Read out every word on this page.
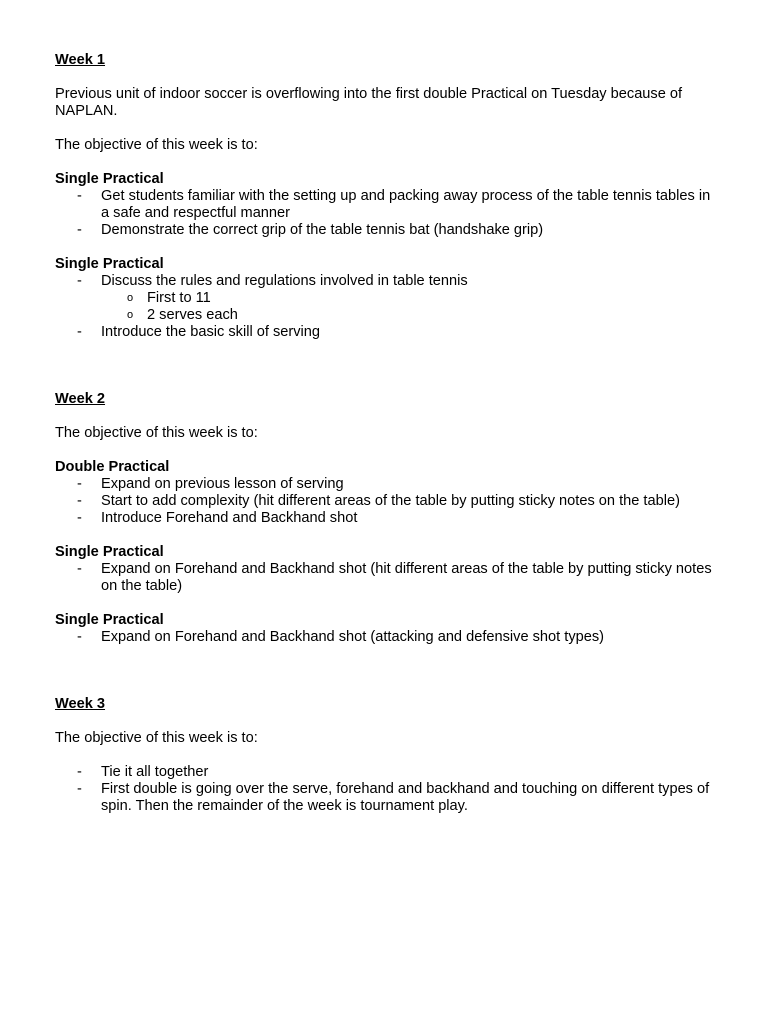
Week 1
Previous unit of indoor soccer is overflowing into the first double Practical on Tuesday because of NAPLAN.
The objective of this week is to:
Single Practical
- Get students familiar with the setting up and packing away process of the table tennis tables in a safe and respectful manner
- Demonstrate the correct grip of the table tennis bat (handshake grip)
Single Practical
- Discuss the rules and regulations involved in table tennis
o First to 11
o 2 serves each
- Introduce the basic skill of serving
Week 2
The objective of this week is to:
Double Practical
- Expand on previous lesson of serving
- Start to add complexity (hit different areas of the table by putting sticky notes on the table)
- Introduce Forehand and Backhand shot
Single Practical
- Expand on Forehand and Backhand shot (hit different areas of the table by putting sticky notes on the table)
Single Practical
- Expand on Forehand and Backhand shot (attacking and defensive shot types)
Week 3
The objective of this week is to:
- Tie it all together
- First double is going over the serve, forehand and backhand and touching on different types of spin. Then the remainder of the week is tournament play.
